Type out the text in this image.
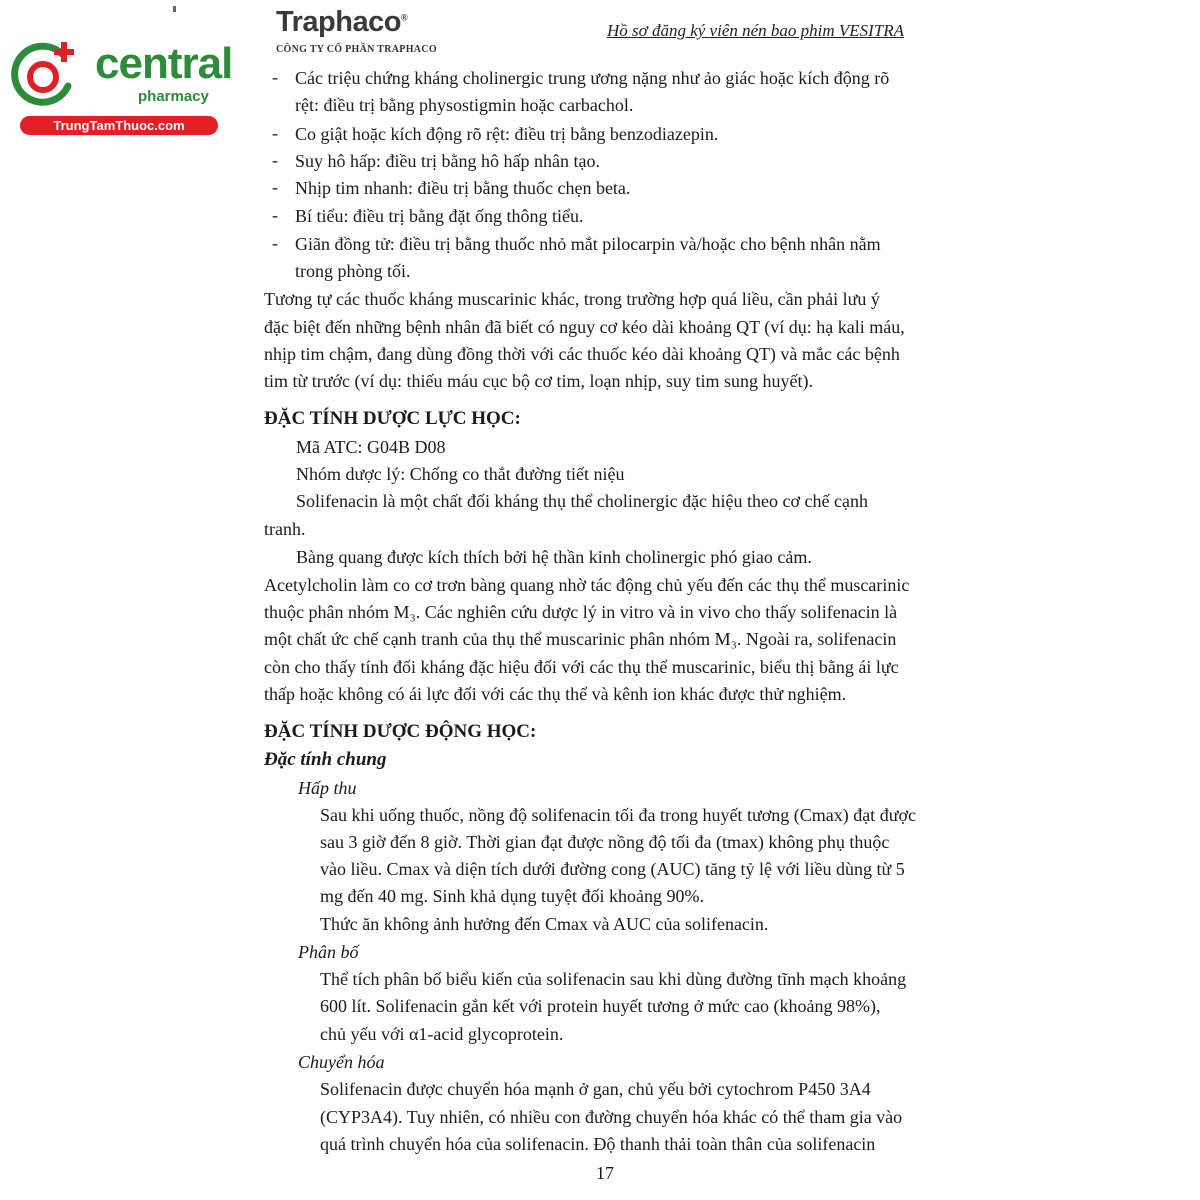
central
pharmacy
TrungTamThuoc.com
Traphaco®
CÔNG TY CỔ PHẦN TRAPHACO
Hồ sơ đăng ký viên nén bao phim VESITRA
- Các triệu chứng kháng cholinergic trung ương nặng như ảo giác hoặc kích động rõ
rệt: điều trị bằng physostigmin hoặc carbachol.
- Co giật hoặc kích động rõ rệt: điều trị bằng benzodiazepin.
- Suy hô hấp: điều trị bằng hô hấp nhân tạo.
- Nhịp tim nhanh: điều trị bằng thuốc chẹn beta.
- Bí tiểu: điều trị bằng đặt ống thông tiểu.
- Giãn đồng tử: điều trị bằng thuốc nhỏ mắt pilocarpin và/hoặc cho bệnh nhân nằm
trong phòng tối.
Tương tự các thuốc kháng muscarinic khác, trong trường hợp quá liều, cần phải lưu ý
đặc biệt đến những bệnh nhân đã biết có nguy cơ kéo dài khoảng QT (ví dụ: hạ kali máu,
nhịp tim chậm, đang dùng đồng thời với các thuốc kéo dài khoảng QT) và mắc các bệnh
tim từ trước (ví dụ: thiếu máu cục bộ cơ tim, loạn nhịp, suy tim sung huyết).
ĐẶC TÍNH DƯỢC LỰC HỌC:
Mã ATC: G04B D08
Nhóm dược lý: Chống co thắt đường tiết niệu
Solifenacin là một chất đối kháng thụ thể cholinergic đặc hiệu theo cơ chế cạnh
tranh.
Bàng quang được kích thích bởi hệ thần kinh cholinergic phó giao cảm.
Acetylcholin làm co cơ trơn bàng quang nhờ tác động chủ yếu đến các thụ thể muscarinic
thuộc phân nhóm M₃. Các nghiên cứu dược lý in vitro và in vivo cho thấy solifenacin là
một chất ức chế cạnh tranh của thụ thể muscarinic phân nhóm M₃. Ngoài ra, solifenacin
còn cho thấy tính đối kháng đặc hiệu đối với các thụ thể muscarinic, biểu thị bằng ái lực
thấp hoặc không có ái lực đối với các thụ thể và kênh ion khác được thử nghiệm.
ĐẶC TÍNH DƯỢC ĐỘNG HỌC:
Đặc tính chung
Hấp thu
Sau khi uống thuốc, nồng độ solifenacin tối đa trong huyết tương (Cmax) đạt được
sau 3 giờ đến 8 giờ. Thời gian đạt được nồng độ tối đa (tmax) không phụ thuộc
vào liều. Cmax và diện tích dưới đường cong (AUC) tăng tỷ lệ với liều dùng từ 5
mg đến 40 mg. Sinh khả dụng tuyệt đối khoảng 90%.
Thức ăn không ảnh hưởng đến Cmax và AUC của solifenacin.
Phân bố
Thể tích phân bố biểu kiến của solifenacin sau khi dùng đường tĩnh mạch khoảng
600 lít. Solifenacin gắn kết với protein huyết tương ở mức cao (khoảng 98%),
chủ yếu với α1-acid glycoprotein.
Chuyển hóa
Solifenacin được chuyển hóa mạnh ở gan, chủ yếu bởi cytochrom P450 3A4
(CYP3A4). Tuy nhiên, có nhiều con đường chuyển hóa khác có thể tham gia vào
quá trình chuyển hóa của solifenacin. Độ thanh thải toàn thân của solifenacin
17
